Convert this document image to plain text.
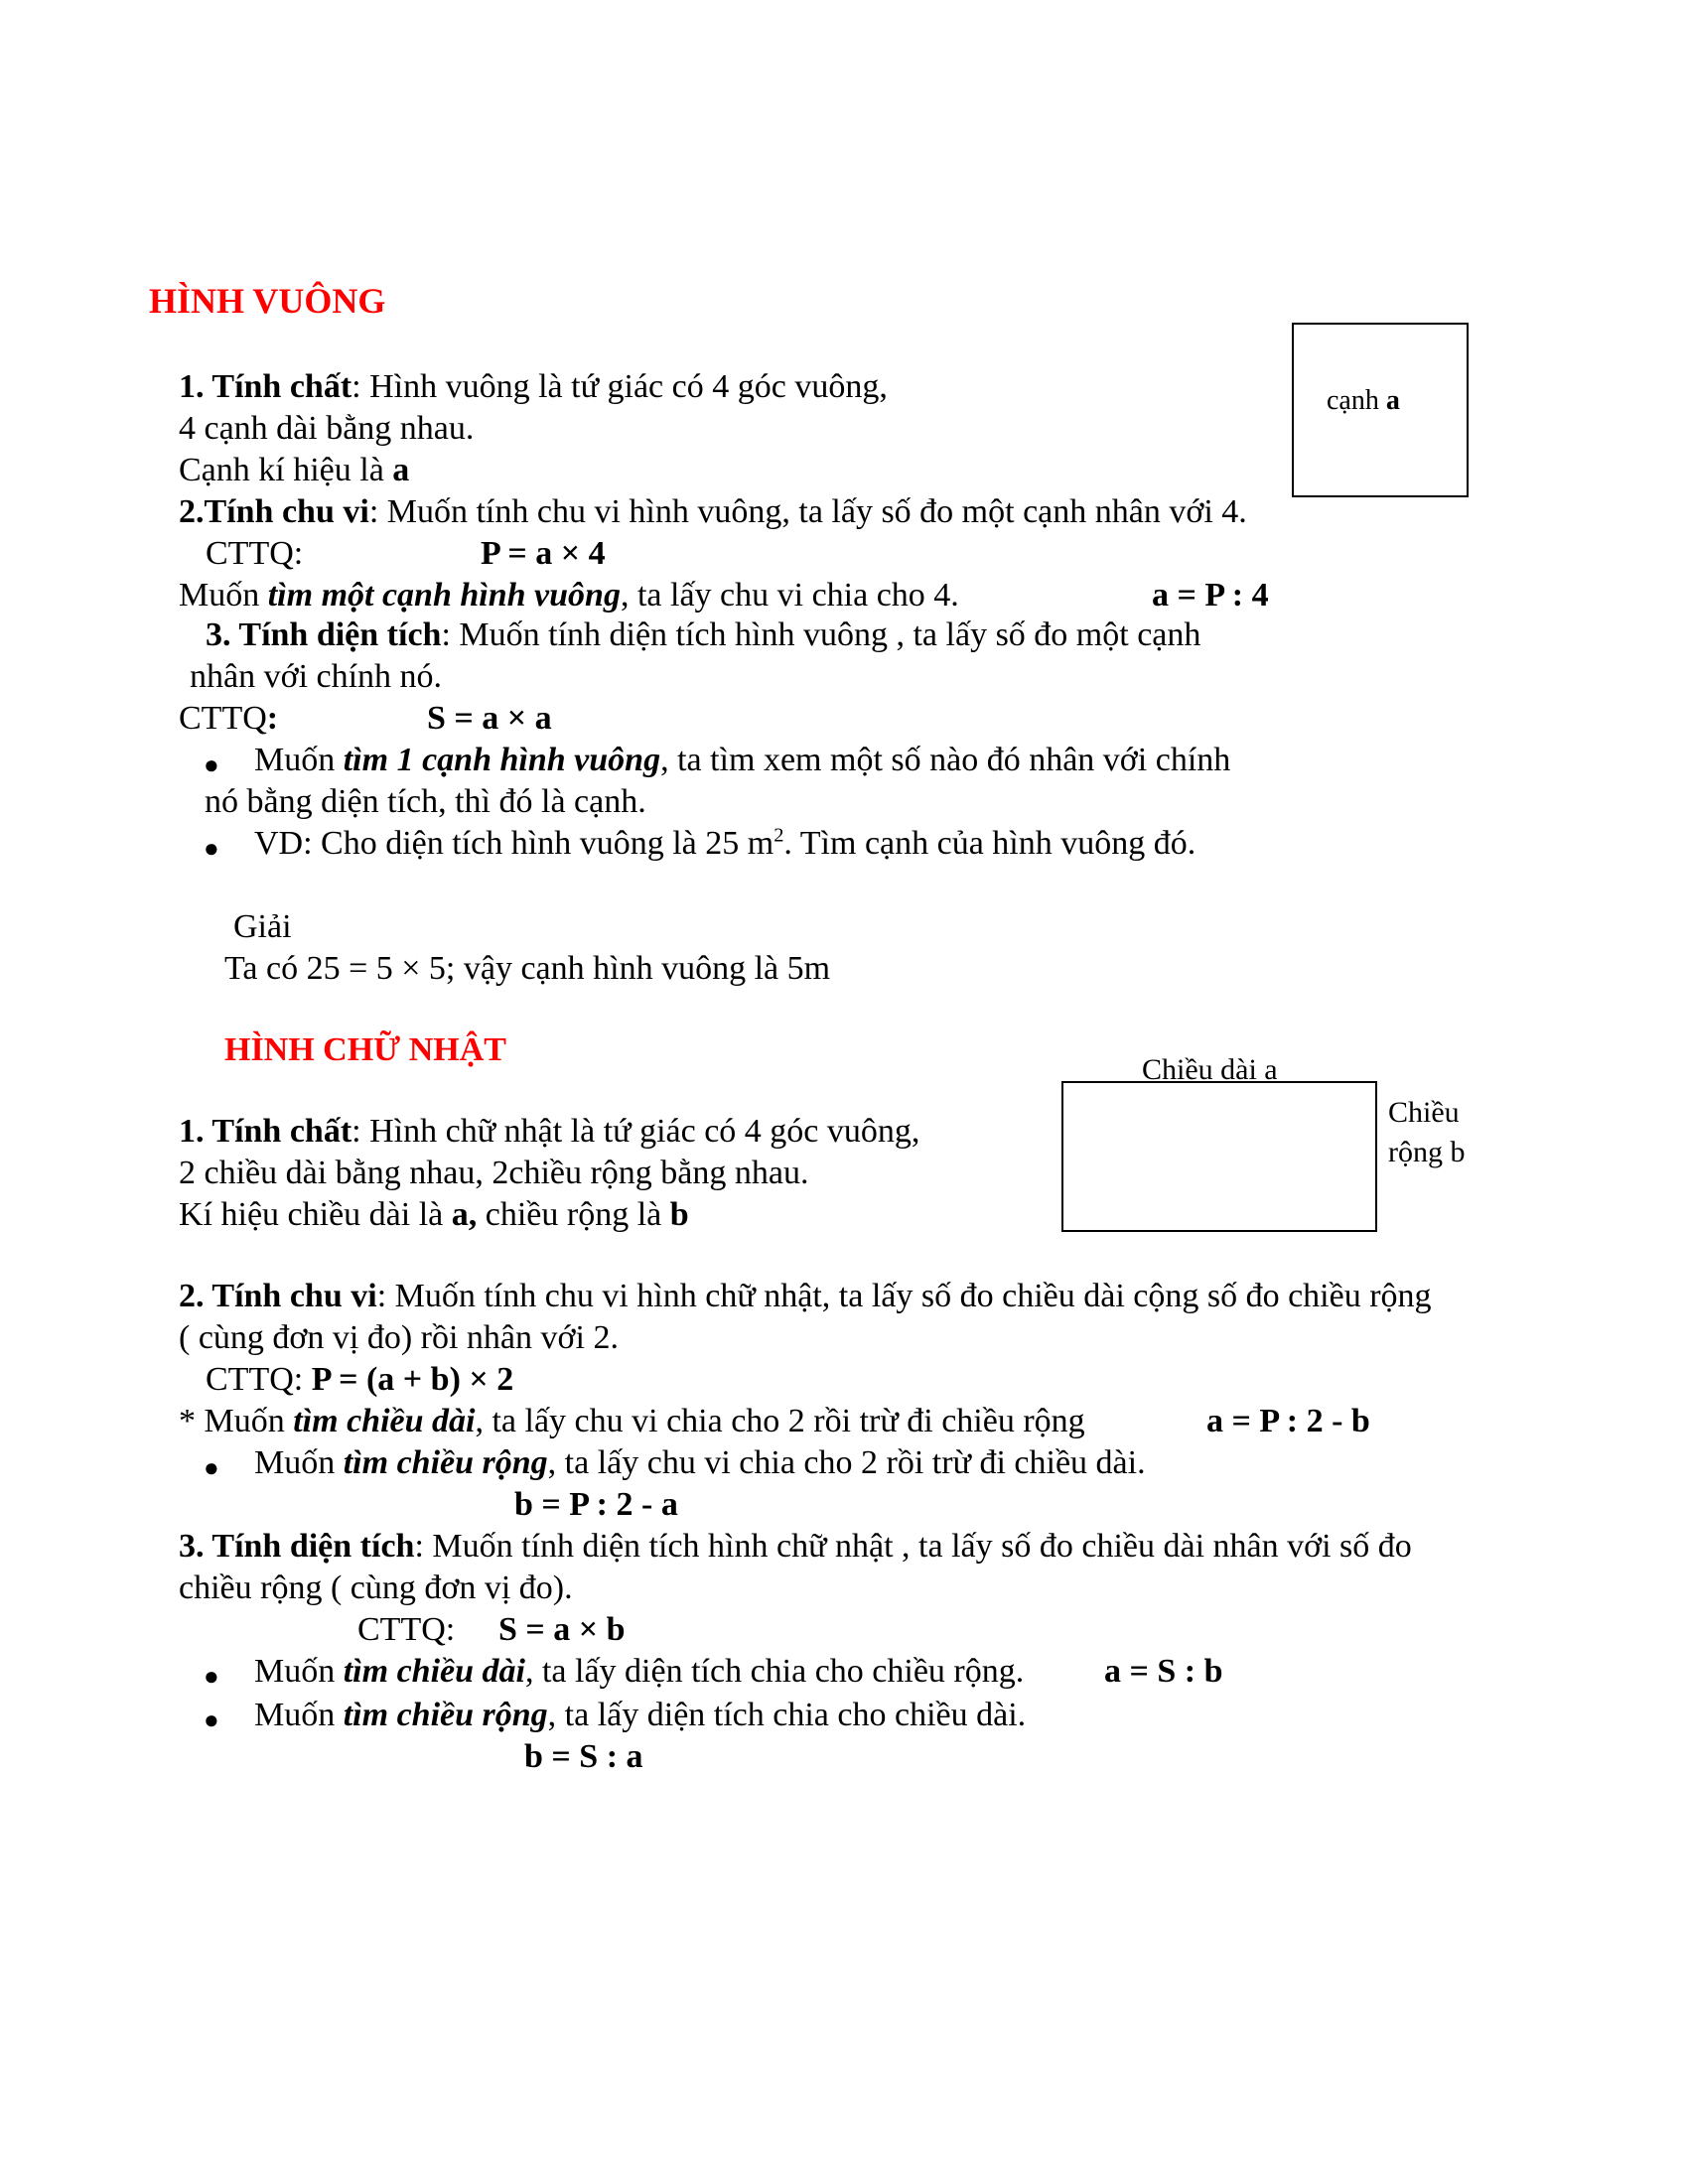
HÌNH VUÔNG
cạnh a
1. Tính chất: Hình vuông là tứ giác có 4 góc vuông,
4 cạnh dài bằng nhau.
Cạnh kí hiệu là a
2.Tính chu vi: Muốn tính chu vi hình vuông, ta lấy số đo một cạnh nhân với 4.
CTTQ:	P = a × 4
Muốn tìm một cạnh hình vuông, ta lấy chu vi chia cho 4.	a = P : 4
3. Tính diện tích: Muốn tính diện tích hình vuông , ta lấy số đo một cạnh
nhân với chính nó.
CTTQ:	S = a × a
● Muốn tìm 1 cạnh hình vuông, ta tìm xem một số nào đó nhân với chính
nó bằng diện tích, thì đó là cạnh.
● VD: Cho diện tích hình vuông là 25 $m^2$. Tìm cạnh của hình vuông đó.
Giải
Ta có 25 = 5 × 5; vậy cạnh hình vuông là 5m
HÌNH CHỮ NHẬT
Chiều dài a
Chiều
rộng b
1. Tính chất: Hình chữ nhật là tứ giác có 4 góc vuông,
2 chiều dài bằng nhau, 2chiều rộng bằng nhau.
Kí hiệu chiều dài là a, chiều rộng là b
2. Tính chu vi: Muốn tính chu vi hình chữ nhật, ta lấy số đo chiều dài cộng số đo chiều rộng
( cùng đơn vị đo) rồi nhân với 2.
CTTQ: P = (a + b) × 2
* Muốn tìm chiều dài, ta lấy chu vi chia cho 2 rồi trừ đi chiều rộng	a = P : 2 - b
● Muốn tìm chiều rộng, ta lấy chu vi chia cho 2 rồi trừ đi chiều dài.
b = P : 2 - a
3. Tính diện tích: Muốn tính diện tích hình chữ nhật , ta lấy số đo chiều dài nhân với số đo
chiều rộng ( cùng đơn vị đo).
CTTQ: S = a × b
● Muốn tìm chiều dài, ta lấy diện tích chia cho chiều rộng. a = S : b
● Muốn tìm chiều rộng, ta lấy diện tích chia cho chiều dài.
b = S : a
